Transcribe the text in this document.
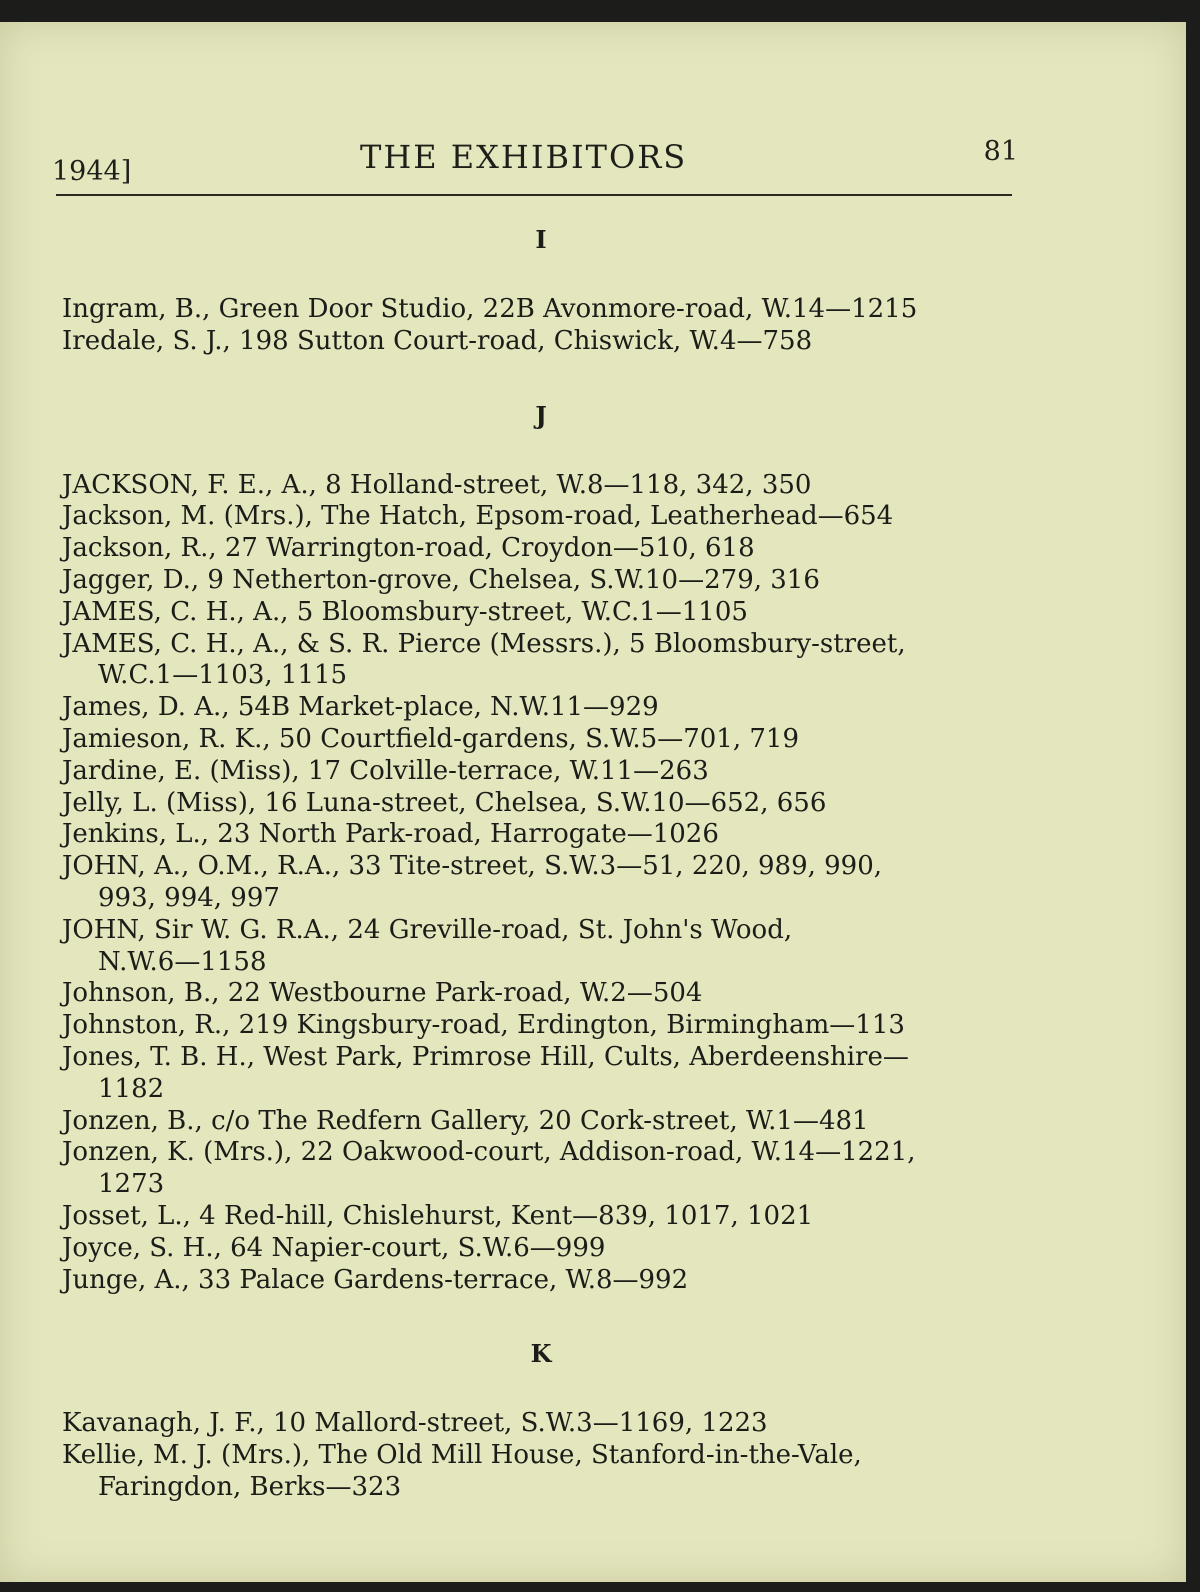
1944]	THE EXHIBITORS	81
I
Ingram, B., Green Door Studio, 22B Avonmore-road, W.14—1215
Iredale, S. J., 198 Sutton Court-road, Chiswick, W.4—758
J
JACKSON, F. E., A., 8 Holland-street, W.8—118, 342, 350
Jackson, M. (Mrs.), The Hatch, Epsom-road, Leatherhead—654
Jackson, R., 27 Warrington-road, Croydon—510, 618
Jagger, D., 9 Netherton-grove, Chelsea, S.W.10—279, 316
JAMES, C. H., A., 5 Bloomsbury-street, W.C.1—1105
JAMES, C. H., A., & S. R. Pierce (Messrs.), 5 Bloomsbury-street,
W.C.1—1103, 1115
James, D. A., 54B Market-place, N.W.11—929
Jamieson, R. K., 50 Courtfield-gardens, S.W.5—701, 719
Jardine, E. (Miss), 17 Colville-terrace, W.11—263
Jelly, L. (Miss), 16 Luna-street, Chelsea, S.W.10—652, 656
Jenkins, L., 23 North Park-road, Harrogate—1026
JOHN, A., O.M., R.A., 33 Tite-street, S.W.3—51, 220, 989, 990,
993, 994, 997
JOHN, Sir W. G. R.A., 24 Greville-road, St. John's Wood,
N.W.6—1158
Johnson, B., 22 Westbourne Park-road, W.2—504
Johnston, R., 219 Kingsbury-road, Erdington, Birmingham—113
Jones, T. B. H., West Park, Primrose Hill, Cults, Aberdeenshire—
1182
Jonzen, B., c/o The Redfern Gallery, 20 Cork-street, W.1—481
Jonzen, K. (Mrs.), 22 Oakwood-court, Addison-road, W.14—1221,
1273
Josset, L., 4 Red-hill, Chislehurst, Kent—839, 1017, 1021
Joyce, S. H., 64 Napier-court, S.W.6—999
Junge, A., 33 Palace Gardens-terrace, W.8—992
K
Kavanagh, J. F., 10 Mallord-street, S.W.3—1169, 1223
Kellie, M. J. (Mrs.), The Old Mill House, Stanford-in-the-Vale,
Faringdon, Berks—323
